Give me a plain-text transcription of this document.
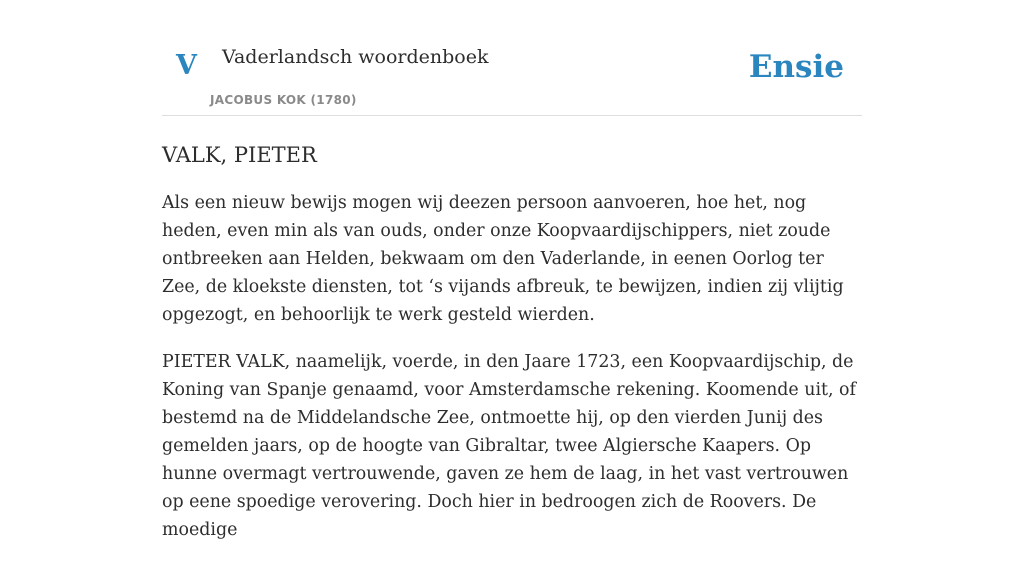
V Vaderlandsch woordenboek
JACOBUS KOK (1780)
Ensie
VALK, PIETER

Als een nieuw bewijs mogen wij deezen persoon aanvoeren, hoe het, nog heden, even min als van ouds, onder onze Koopvaardijschippers, niet zoude ontbreeken aan Helden, bekwaam om den Vaderlande, in eenen Oorlog ter Zee, de kloekste diensten, tot ‘s vijands afbreuk, te bewijzen, indien zij vlijtig opgezogt, en behoorlijk te werk gesteld wierden.

PIETER VALK, naamelijk, voerde, in den Jaare 1723, een Koopvaardijschip, de Koning van Spanje genaamd, voor Amsterdamsche rekening. Koomende uit, of bestemd na de Middelandsche Zee, ontmoette hij, op den vierden Junij des gemelden jaars, op de hoogte van Gibraltar, twee Algiersche Kaapers. Op hunne overmagt vertrouwende, gaven ze hem de laag, in het vast vertrouwen op eene spoedige verovering. Doch hier in bedroogen zich de Roovers. De moedige
